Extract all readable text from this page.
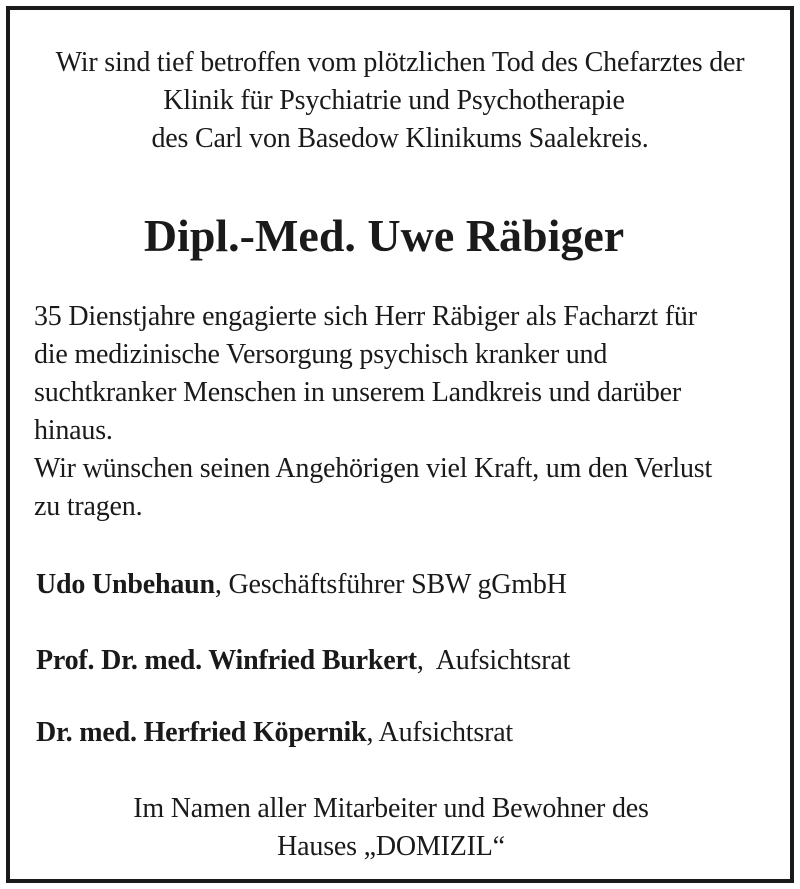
Wir sind tief betroffen vom plötzlichen Tod des Chefarztes der
Klinik für Psychiatrie und Psychotherapie
des Carl von Basedow Klinikums Saalekreis.
Dipl.-Med. Uwe Räbiger
35 Dienstjahre engagierte sich Herr Räbiger als Facharzt für
die medizinische Versorgung psychisch kranker und
suchtkranker Menschen in unserem Landkreis und darüber
hinaus.
Wir wünschen seinen Angehörigen viel Kraft, um den Verlust
zu tragen.
Udo Unbehaun, Geschäftsführer SBW gGmbH
Prof. Dr. med. Winfried Burkert,  Aufsichtsrat
Dr. med. Herfried Köpernik, Aufsichtsrat
Im Namen aller Mitarbeiter und Bewohner des
Hauses „DOMIZIL“
